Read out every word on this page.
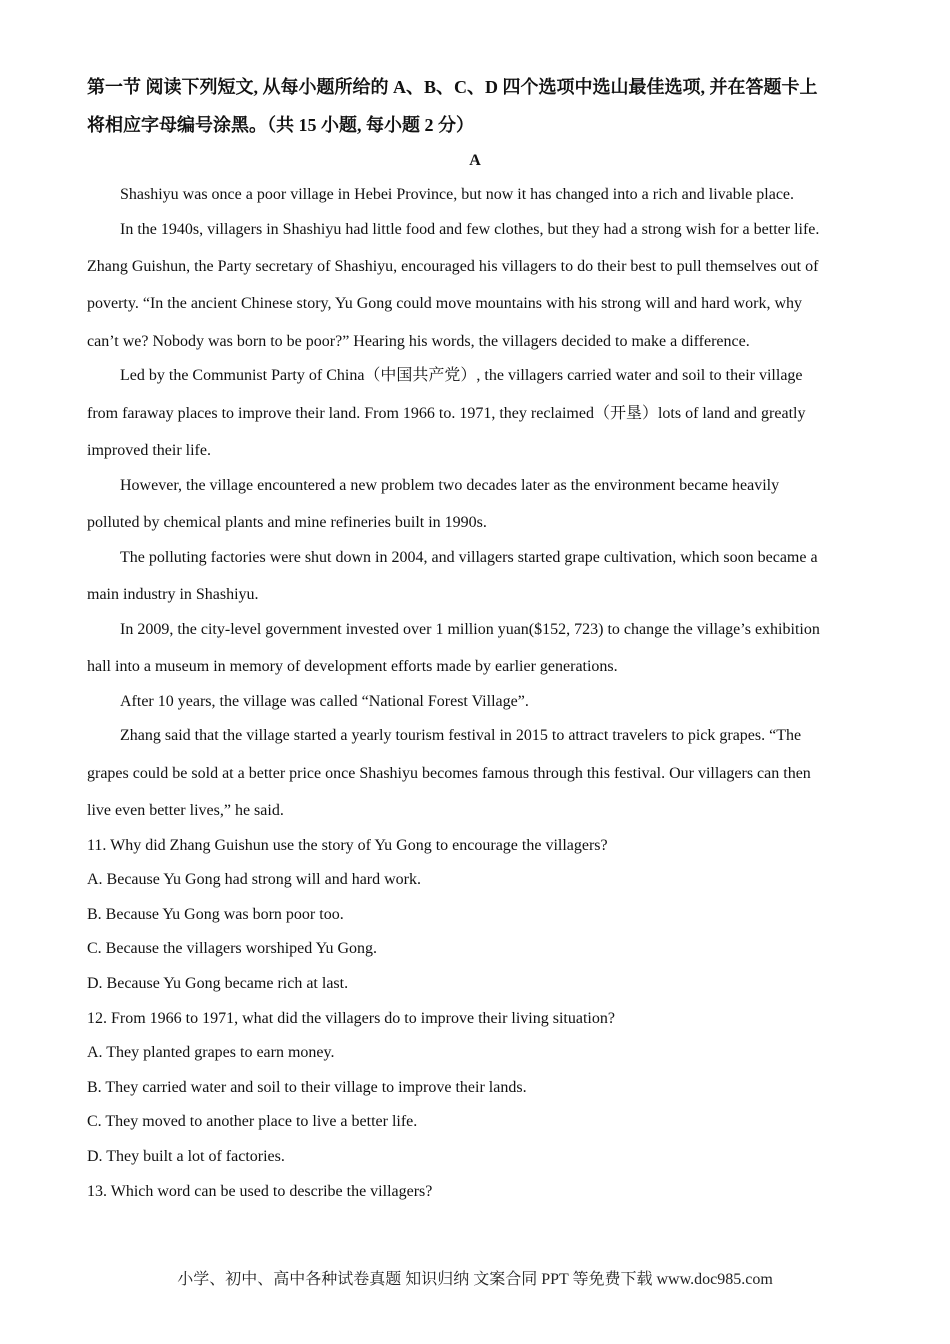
第一节 阅读下列短文, 从每小题所给的 A、B、C、D 四个选项中选山最佳选项, 并在答题卡上
将相应字母编号涂黑。（共 15 小题, 每小题 2 分）
A
Shashiyu was once a poor village in Hebei Province, but now it has changed into a rich and livable place.
In the 1940s, villagers in Shashiyu had little food and few clothes, but they had a strong wish for a better life.
Zhang Guishun, the Party secretary of Shashiyu, encouraged his villagers to do their best to pull themselves out of
poverty. “In the ancient Chinese story, Yu Gong could move mountains with his strong will and hard work, why
can’t we? Nobody was born to be poor?” Hearing his words, the villagers decided to make a difference.
Led by the Communist Party of China（中国共产党）, the villagers carried water and soil to their village
from faraway places to improve their land. From 1966 to. 1971, they reclaimed（开垦）lots of land and greatly
improved their life.
However, the village encountered a new problem two decades later as the environment became heavily
polluted by chemical plants and mine refineries built in 1990s.
The polluting factories were shut down in 2004, and villagers started grape cultivation, which soon became a
main industry in Shashiyu.
In 2009, the city-level government invested over 1 million yuan($152, 723) to change the village’s exhibition
hall into a museum in memory of development efforts made by earlier generations.
After 10 years, the village was called “National Forest Village”.
Zhang said that the village started a yearly tourism festival in 2015 to attract travelers to pick grapes. “The
grapes could be sold at a better price once Shashiyu becomes famous through this festival. Our villagers can then
live even better lives,” he said.
11. Why did Zhang Guishun use the story of Yu Gong to encourage the villagers?
A. Because Yu Gong had strong will and hard work.
B. Because Yu Gong was born poor too.
C. Because the villagers worshiped Yu Gong.
D. Because Yu Gong became rich at last.
12. From 1966 to 1971, what did the villagers do to improve their living situation?
A. They planted grapes to earn money.
B. They carried water and soil to their village to improve their lands.
C. They moved to another place to live a better life.
D. They built a lot of factories.
13. Which word can be used to describe the villagers?
小学、初中、高中各种试卷真题 知识归纳 文案合同 PPT 等免费下载 www.doc985.com
